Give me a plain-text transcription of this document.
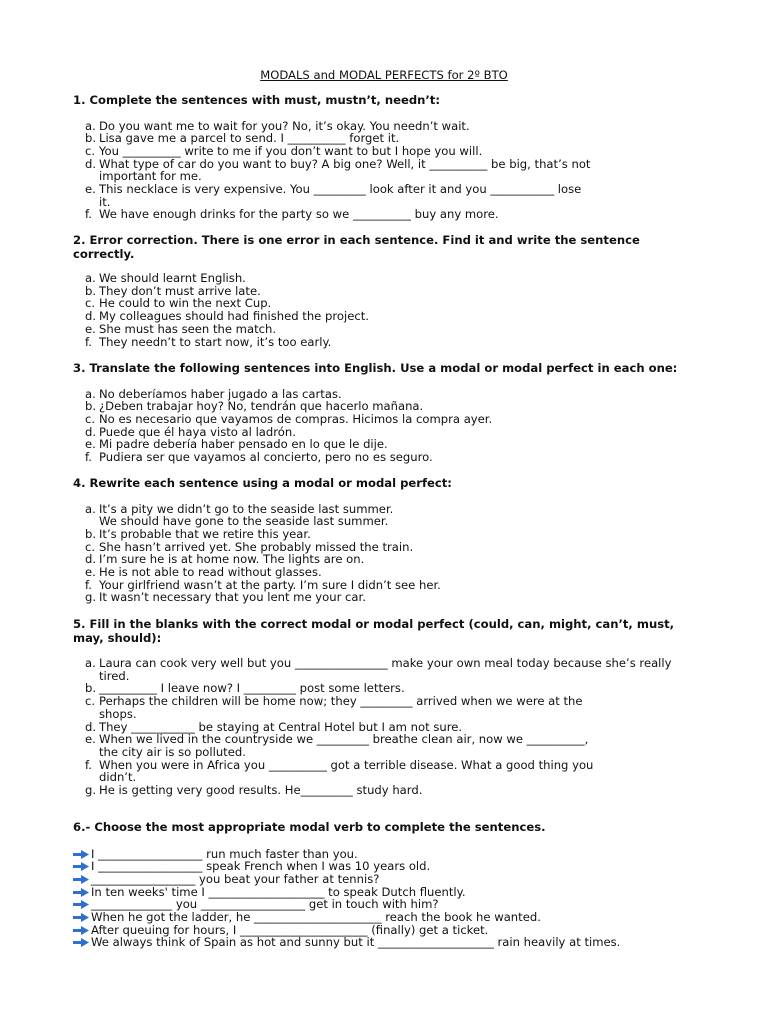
MODALS and MODAL PERFECTS for 2º BTO

1. Complete the sentences with must, mustn’t, needn’t:

a. Do you want me to wait for you? No, it’s okay. You needn’t wait.
b. Lisa gave me a parcel to send. I __________ forget it.
c. You __________ write to me if you don’t want to but I hope you will.
d. What type of car do you want to buy? A big one? Well, it __________ be big, that’s not
important for me.
e. This necklace is very expensive. You _________ look after it and you ___________ lose
it.
f. We have enough drinks for the party so we __________ buy any more.

2. Error correction. There is one error in each sentence. Find it and write the sentence correctly.

a. We should learnt English.
b. They don’t must arrive late.
c. He could to win the next Cup.
d. My colleagues should had finished the project.
e. She must has seen the match.
f. They needn’t to start now, it’s too early.

3. Translate the following sentences into English. Use a modal or modal perfect in each one:

a. No deberíamos haber jugado a las cartas.
b. ¿Deben trabajar hoy? No, tendrán que hacerlo mañana.
c. No es necesario que vayamos de compras. Hicimos la compra ayer.
d. Puede que él haya visto al ladrón.
e. Mi padre debería haber pensado en lo que le dije.
f. Pudiera ser que vayamos al concierto, pero no es seguro.

4. Rewrite each sentence using a modal or modal perfect:

a. It’s a pity we didn’t go to the seaside last summer.
We should have gone to the seaside last summer.
b. It’s probable that we retire this year.
c. She hasn’t arrived yet. She probably missed the train.
d. I’m sure he is at home now. The lights are on.
e. He is not able to read without glasses.
f. Your girlfriend wasn’t at the party. I’m sure I didn’t see her.
g. It wasn’t necessary that you lent me your car.

5. Fill in the blanks with the correct modal or modal perfect (could, can, might, can’t, must, may, should):

a. Laura can cook very well but you ________________ make your own meal today because she’s really
tired.
b. __________ I leave now? I _________ post some letters.
c. Perhaps the children will be home now; they _________ arrived when we were at the
shops.
d. They ___________ be staying at Central Hotel but I am not sure.
e. When we lived in the countryside we _________ breathe clean air, now we __________,
the city air is so polluted.
f. When you were in Africa you __________ got a terrible disease. What a good thing you
didn’t.
g. He is getting very good results. He_________ study hard.

6.- Choose the most appropriate modal verb to complete the sentences.

I __________________ run much faster than you.
I __________________ speak French when I was 10 years old.
__________________ you beat your father at tennis?
In ten weeks' time I ____________________ to speak Dutch fluently.
______________ you __________________ get in touch with him?
When he got the ladder, he ______________________ reach the book he wanted.
After queuing for hours, I ______________________ (finally) get a ticket.
We always think of Spain as hot and sunny but it ____________________ rain heavily at times.
